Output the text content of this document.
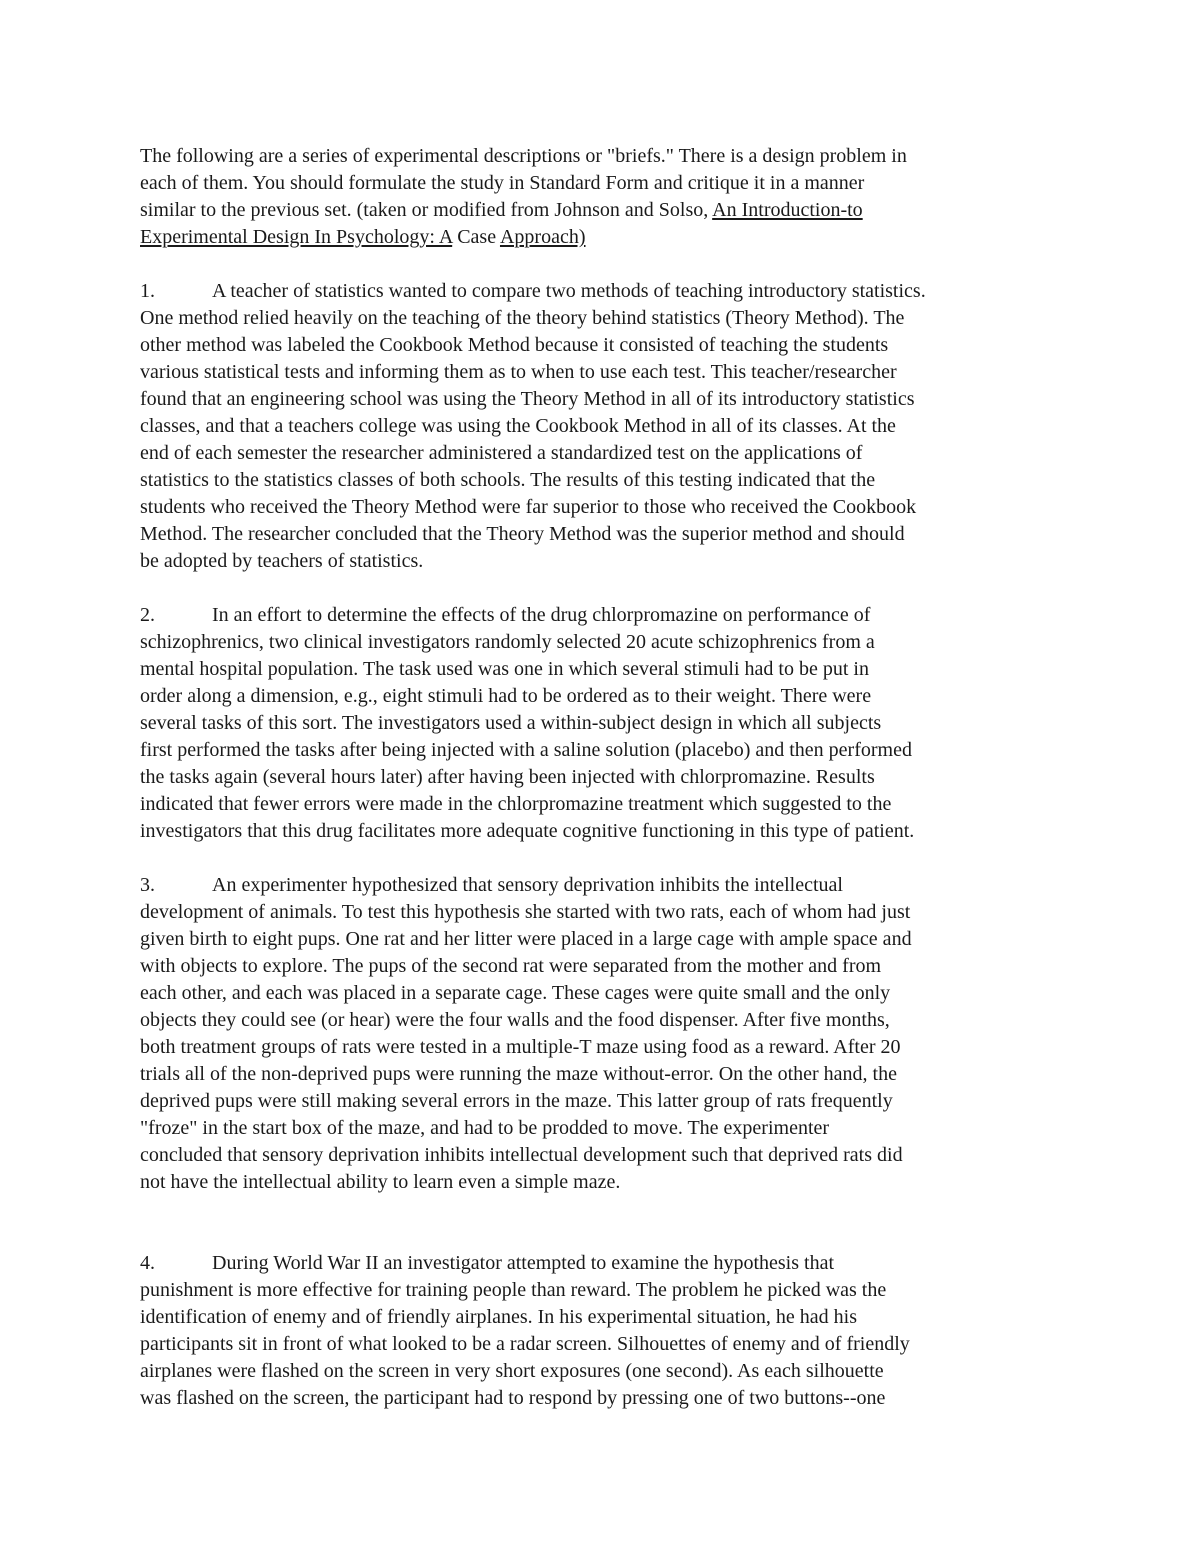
The following are a series of experimental descriptions or "briefs." There is a design problem in
each of them. You should formulate the study in Standard Form and critique it in a manner
similar to the previous set. (taken or modified from Johnson and Solso, An Introduction-to
Experimental Design In Psychology: A Case Approach)
1.	A teacher of statistics wanted to compare two methods of teaching introductory statistics.
One method relied heavily on the teaching of the theory behind statistics (Theory Method). The
other method was labeled the Cookbook Method because it consisted of teaching the students
various statistical tests and informing them as to when to use each test. This teacher/researcher
found that an engineering school was using the Theory Method in all of its introductory statistics
classes, and that a teachers college was using the Cookbook Method in all of its classes. At the
end of each semester the researcher administered a standardized test on the applications of
statistics to the statistics classes of both schools. The results of this testing indicated that the
students who received the Theory Method were far superior to those who received the Cookbook
Method. The researcher concluded that the Theory Method was the superior method and should
be adopted by teachers of statistics.
2.	In an effort to determine the effects of the drug chlorpromazine on performance of
schizophrenics, two clinical investigators randomly selected 20 acute schizophrenics from a
mental hospital population. The task used was one in which several stimuli had to be put in
order along a dimension, e.g., eight stimuli had to be ordered as to their weight. There were
several tasks of this sort. The investigators used a within-subject design in which all subjects
first performed the tasks after being injected with a saline solution (placebo) and then performed
the tasks again (several hours later) after having been injected with chlorpromazine. Results
indicated that fewer errors were made in the chlorpromazine treatment which suggested to the
investigators that this drug facilitates more adequate cognitive functioning in this type of patient.
3.	An experimenter hypothesized that sensory deprivation inhibits the intellectual
development of animals. To test this hypothesis she started with two rats, each of whom had just
given birth to eight pups. One rat and her litter were placed in a large cage with ample space and
with objects to explore. The pups of the second rat were separated from the mother and from
each other, and each was placed in a separate cage. These cages were quite small and the only
objects they could see (or hear) were the four walls and the food dispenser. After five months,
both treatment groups of rats were tested in a multiple-T maze using food as a reward. After 20
trials all of the non-deprived pups were running the maze without-error. On the other hand, the
deprived pups were still making several errors in the maze. This latter group of rats frequently
"froze" in the start box of the maze, and had to be prodded to move. The experimenter
concluded that sensory deprivation inhibits intellectual development such that deprived rats did
not have the intellectual ability to learn even a simple maze.
4.	During World War II an investigator attempted to examine the hypothesis that
punishment is more effective for training people than reward. The problem he picked was the
identification of enemy and of friendly airplanes. In his experimental situation, he had his
participants sit in front of what looked to be a radar screen. Silhouettes of enemy and of friendly
airplanes were flashed on the screen in very short exposures (one second). As each silhouette
was flashed on the screen, the participant had to respond by pressing one of two buttons--one
